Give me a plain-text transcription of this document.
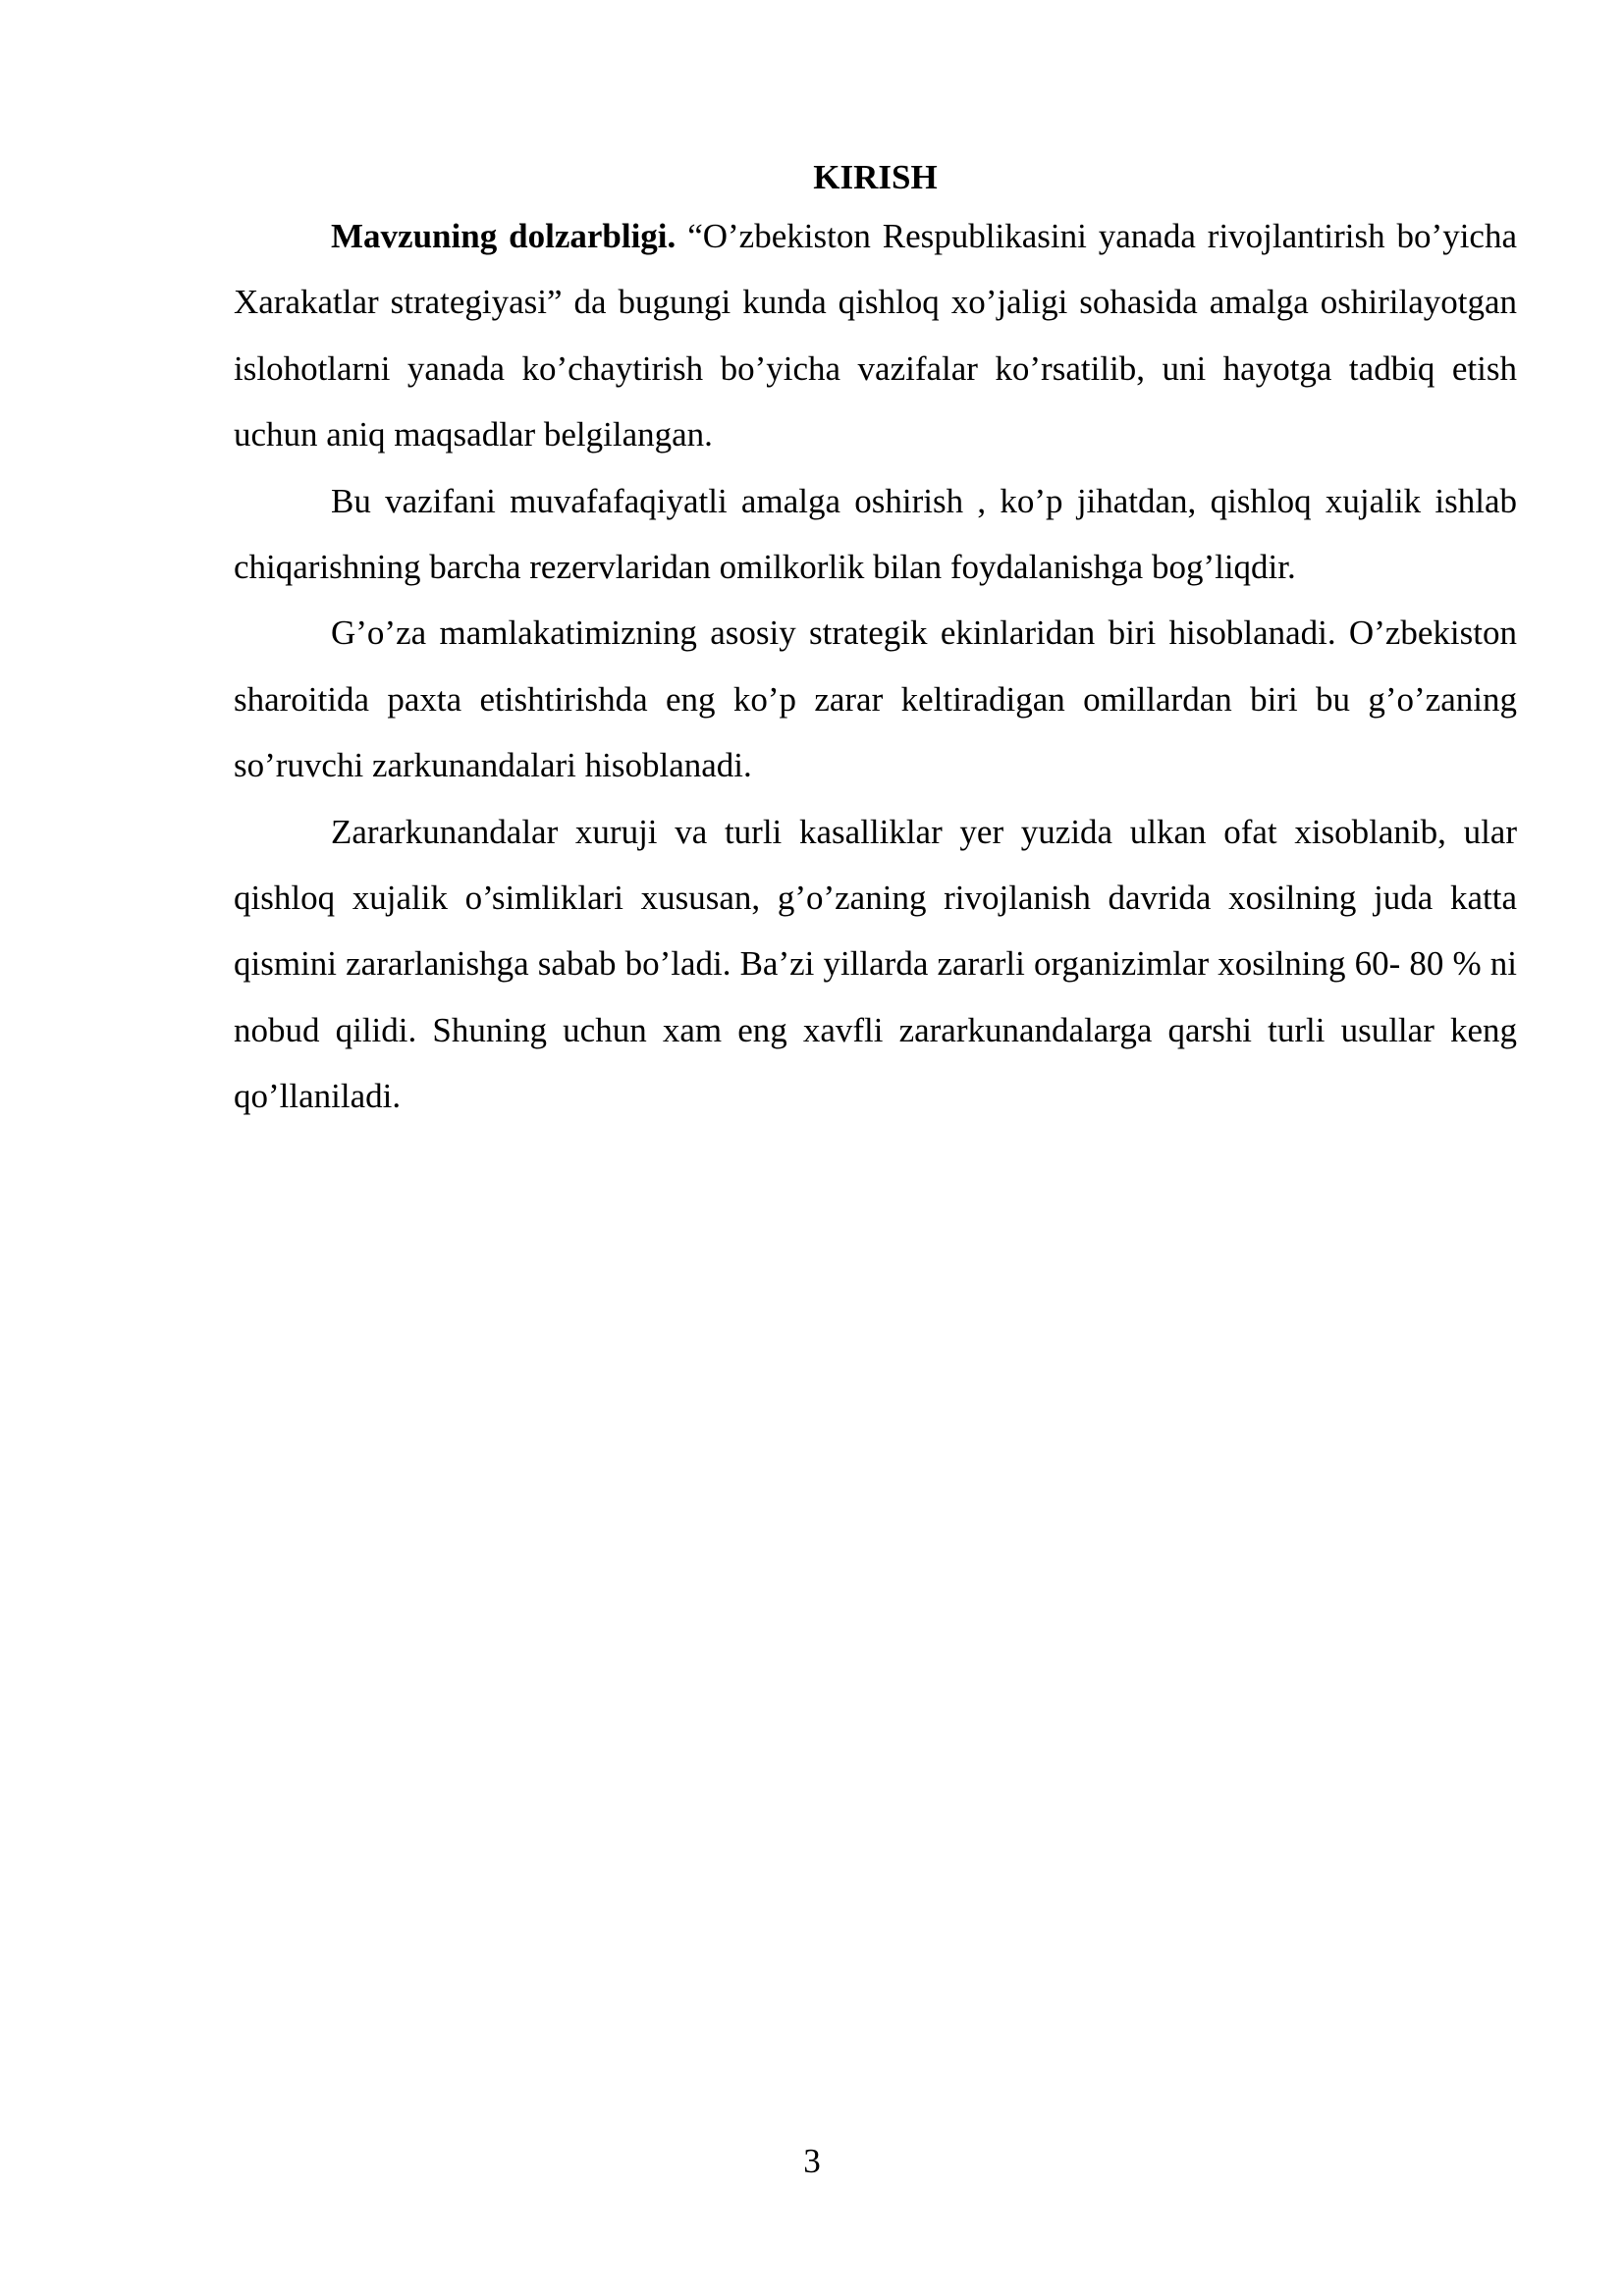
KIRISH

Mavzuning dolzarbligi. “O’zbekiston Respublikasini yanada rivojlantirish bo’yicha Xarakatlar strategiyasi” da bugungi kunda qishloq xo’jaligi sohasida amalga oshirilayotgan islohotlarni yanada ko’chaytirish bo’yicha vazifalar ko’rsatilib, uni hayotga tadbiq etish uchun aniq maqsadlar belgilangan.

Bu vazifani muvafafaqiyatli amalga oshirish , ko’p jihatdan, qishloq xujalik ishlab chiqarishning barcha rezervlaridan omilkorlik bilan foydalanishga bog’liqdir.

G’o’za mamlakatimizning asosiy strategik ekinlaridan biri hisoblanadi. O’zbekiston sharoitida paxta etishtirishda eng ko’p zarar keltiradigan omillardan biri bu g’o’zaning so’ruvchi zarkunandalari hisoblanadi.

Zararkunandalar xuruji va turli kasalliklar yer yuzida ulkan ofat xisoblanib, ular qishloq xujalik o’simliklari xususan, g’o’zaning rivojlanish davrida xosilning juda katta qismini zararlanishga sabab bo’ladi. Ba’zi yillarda zararli organizimlar xosilning 60- 80 % ni nobud qilidi. Shuning uchun xam eng xavfli zararkunandalarga qarshi turli usullar keng qo’llaniladi.

3
